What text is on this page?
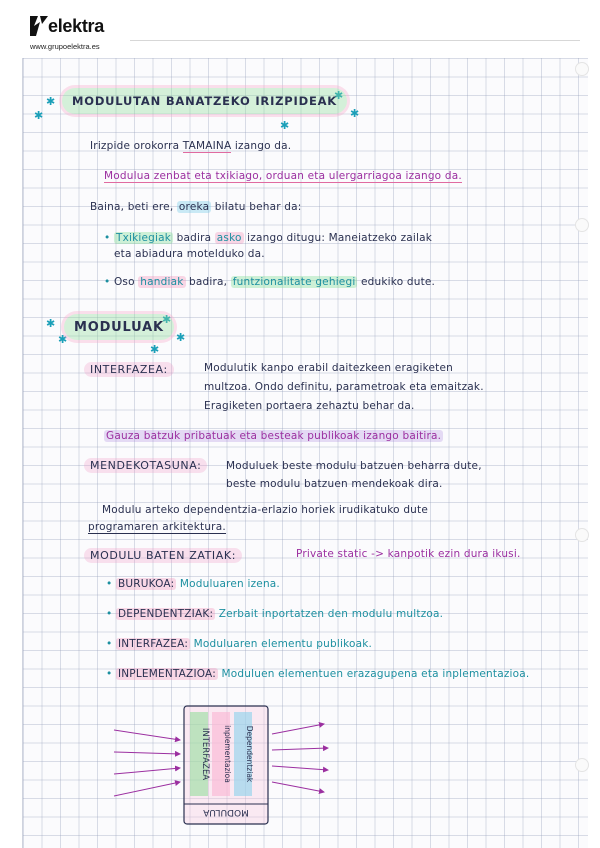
elektra
www.grupoelektra.es
✱
✱	✱
✱
✱
MODULUTAN BANATZEKO IRIZPIDEAK
Irizpide orokorra TAMAINA izango da.
Modulua zenbat eta txikiago, orduan eta ulergarriagoa izango da.
Baina, beti ere, oreka bilatu behar da:
• Txikiegiak badira asko izango ditugu: Maneiatzeko zailak
eta abiadura motelduko da.
• Oso handiak badira, funtzionalitate gehiegi edukiko dute.
✱
✱
✱
✱
✱
MODULUAK
INTERFAZEA:	Modulutik kanpo erabil daitezkeen eragiketen
multzoa. Ondo definitu, parametroak eta emaitzak.
Eragiketen portaera zehaztu behar da.
Gauza batzuk pribatuak eta besteak publikoak izango baitira.
MENDEKOTASUNA:	Moduluek beste modulu batzuen beharra dute,
beste modulu batzuen mendekoak dira.
Modulu arteko dependentzia-erlazio horiek irudikatuko dute
programaren arkitektura.
MODULU BATEN ZATIAK:	Private static -> kanpotik ezin dura ikusi.
• BURUKOA: Moduluaren izena.
• DEPENDENTZIAK: Zerbait inportatzen den modulu multzoa.
• INTERFAZEA: Moduluaren elementu publikoak.
• INPLEMENTAZIOA: Moduluen elementuen erazagupena eta inplementazioa.
INTERFAZEA inplementazioa Dependentziak
MODULUA
